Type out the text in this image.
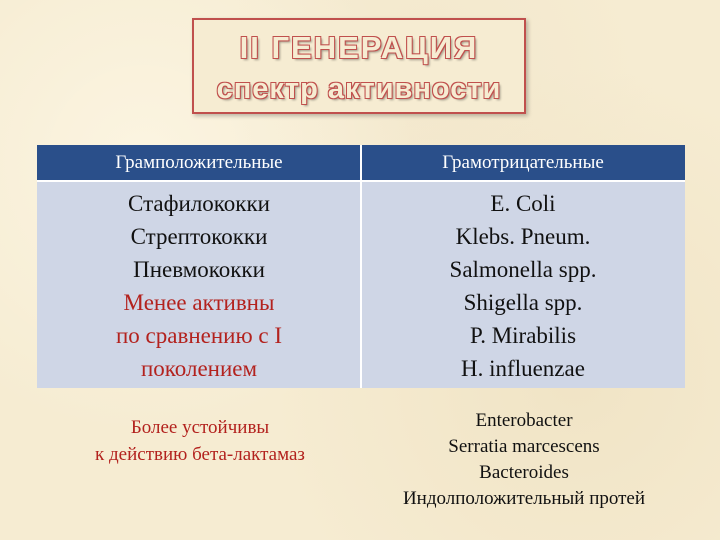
II ГЕНЕРАЦИЯ
спектр активности
Грамположительные	Грамотрицательные
Стафилококки
Стрептококки
Пневмококки
Менее активны
по сравнению с I
поколением
E. Coli
Klebs. Pneum.
Salmonella spp.
Shigella spp.
P. Mirabilis
H. influenzae
Более устойчивы
к действию бета-лактамаз
Enterobacter
Serratia marcescens
Bacteroides
Индолположительный протей
